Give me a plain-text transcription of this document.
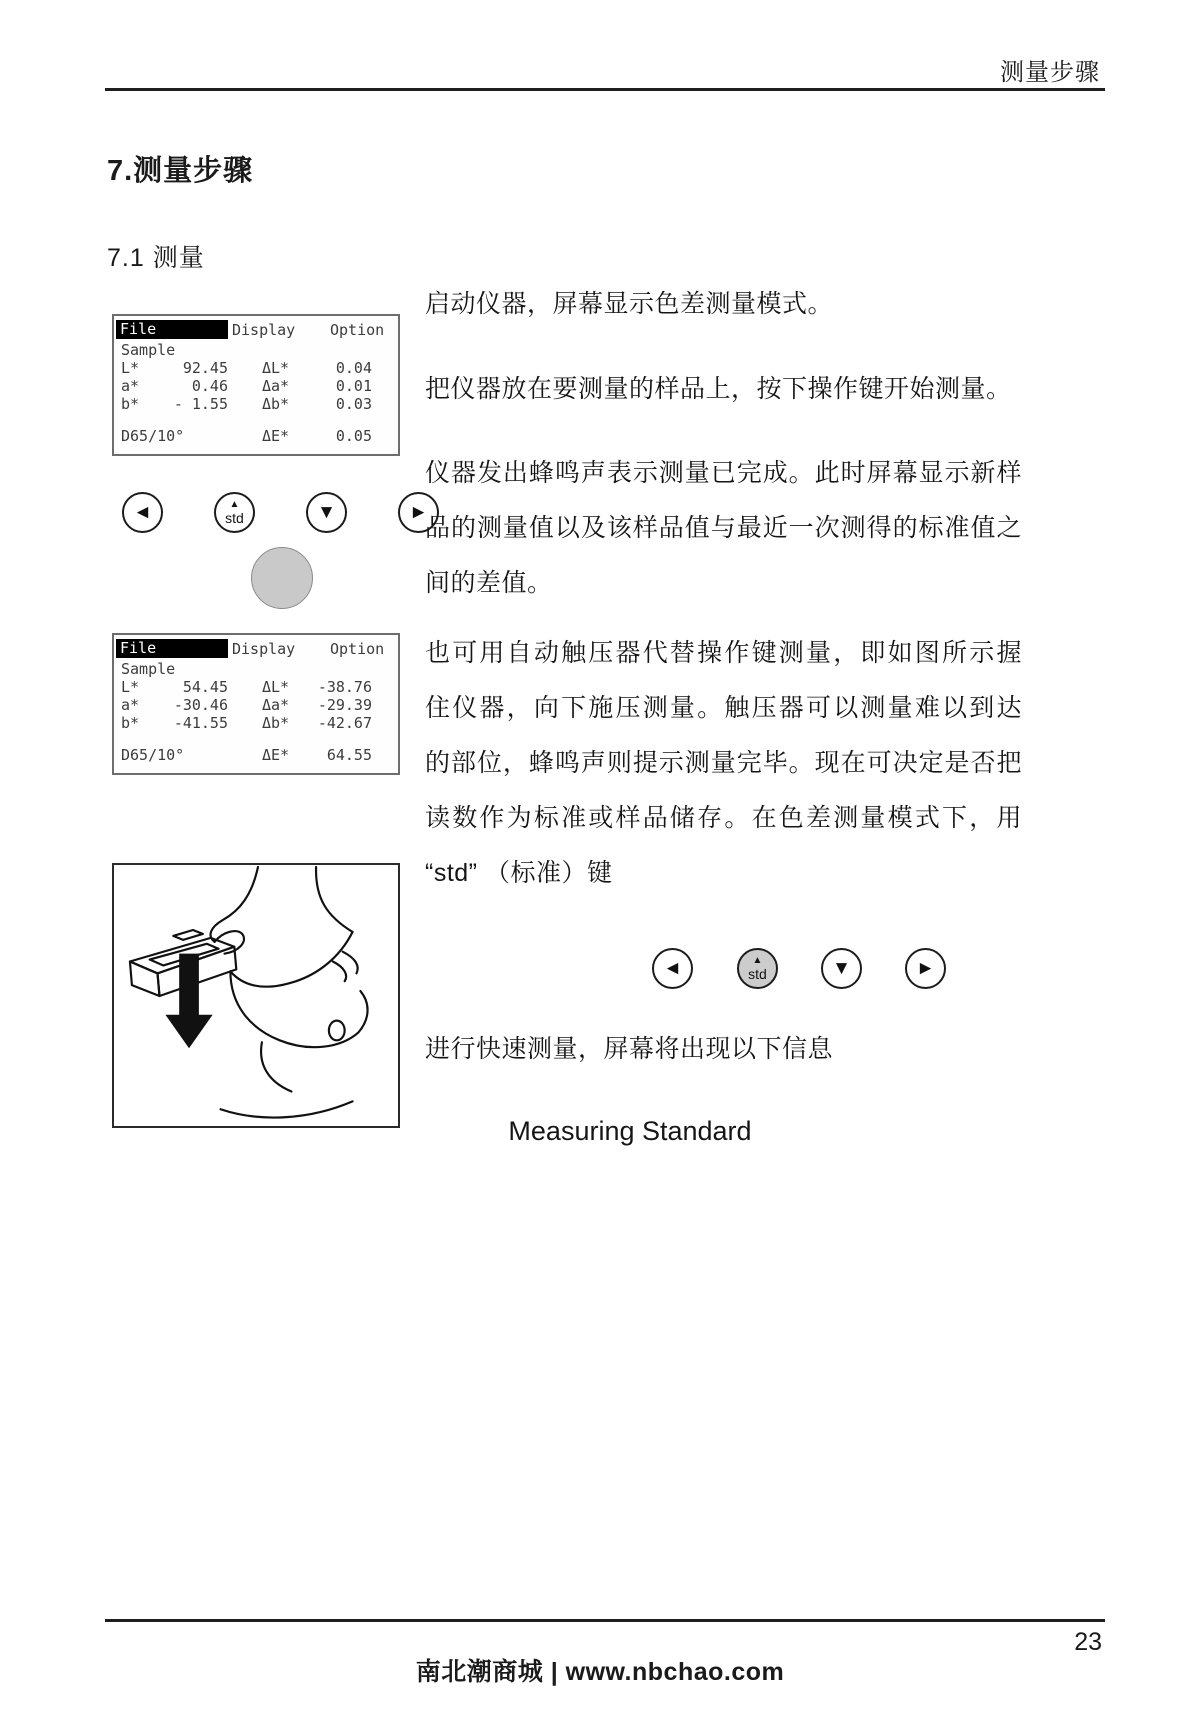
测量步骤
7.测量步骤
7.1 测量
File	Display Option
Sample
L*	92.45 ΔL*	0.04
a*	0.46 Δa*	0.01
b*	- 1.55 Δb*	0.03
D65/10°	ΔE*	0.05
◄	▲
std	▼	►
File	Display Option
Sample
L*	54.45 ΔL*	-38.76
a*	-30.46 Δa*	-29.39
b*	-41.55 Δb*	-42.67
D65/10°	ΔE*	64.55
启动仪器，屏幕显示色差测量模式。
把仪器放在要测量的样品上，按下操作键开始测量。
仪器发出蜂鸣声表示测量已完成。此时屏幕显示新样
品的测量值以及该样品值与最近一次测得的标准值之
间的差值。
也可用自动触压器代替操作键测量，即如图所示握
住仪器，向下施压测量。触压器可以测量难以到达
的部位，蜂鸣声则提示测量完毕。现在可决定是否把
读数作为标准或样品储存。在色差测量模式下，用
“std” （标准）键
◄	▲
std	▼	►
进行快速测量，屏幕将出现以下信息
Measuring Standard
23
南北潮商城 | www.nbchao.com
